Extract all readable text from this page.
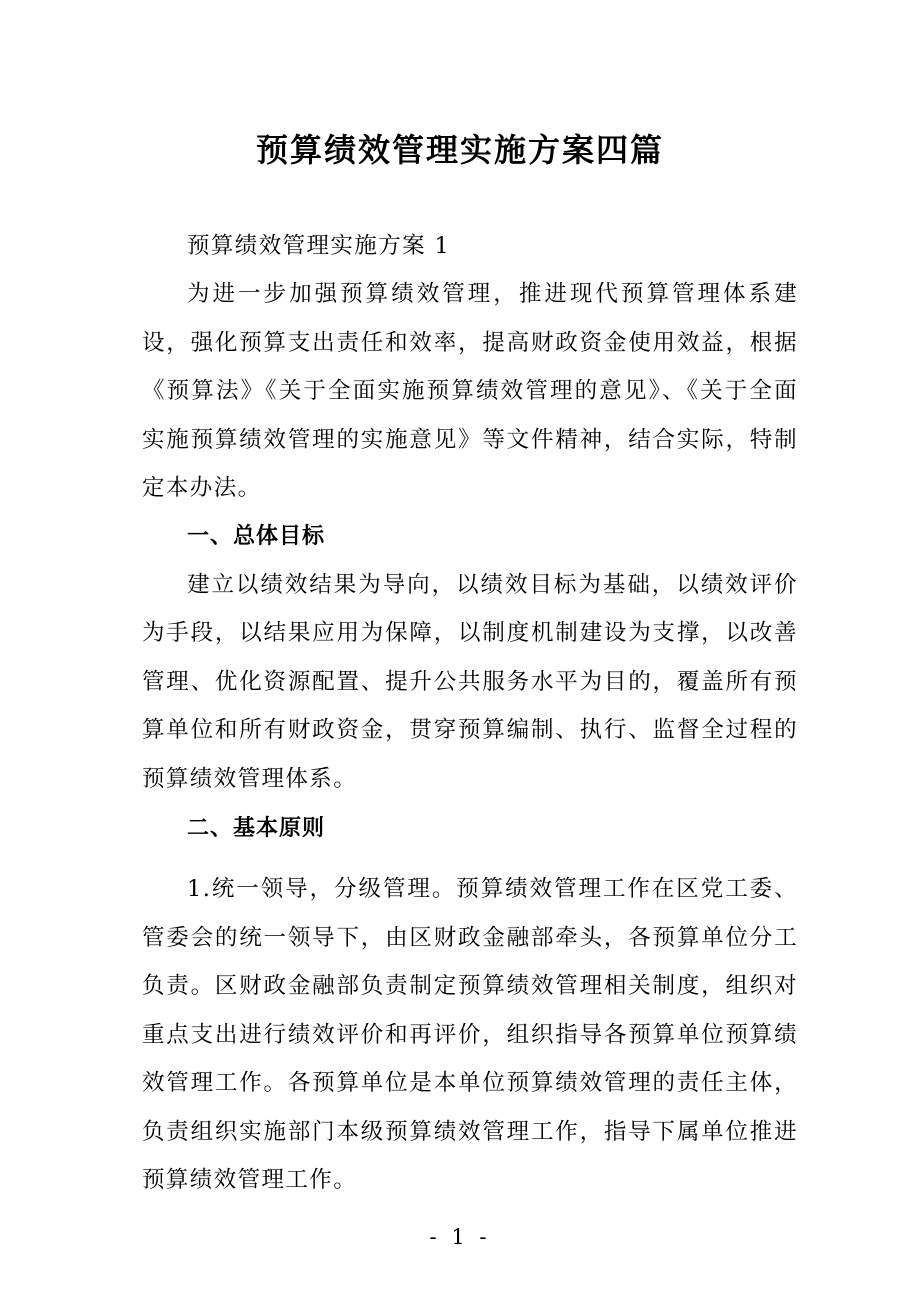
预算绩效管理实施方案四篇

预算绩效管理实施方案 1

为进一步加强预算绩效管理，推进现代预算管理体系建设，强化预算支出责任和效率，提高财政资金使用效益，根据《预算法》《关于全面实施预算绩效管理的意见》、《关于全面实施预算绩效管理的实施意见》等文件精神，结合实际，特制定本办法。

一、总体目标

建立以绩效结果为导向，以绩效目标为基础，以绩效评价为手段，以结果应用为保障，以制度机制建设为支撑，以改善管理、优化资源配置、提升公共服务水平为目的，覆盖所有预算单位和所有财政资金，贯穿预算编制、执行、监督全过程的预算绩效管理体系。

二、基本原则

1.统一领导，分级管理。预算绩效管理工作在区党工委、管委会的统一领导下，由区财政金融部牵头，各预算单位分工负责。区财政金融部负责制定预算绩效管理相关制度，组织对重点支出进行绩效评价和再评价，组织指导各预算单位预算绩效管理工作。各预算单位是本单位预算绩效管理的责任主体，负责组织实施部门本级预算绩效管理工作，指导下属单位推进预算绩效管理工作。

- 1 -
